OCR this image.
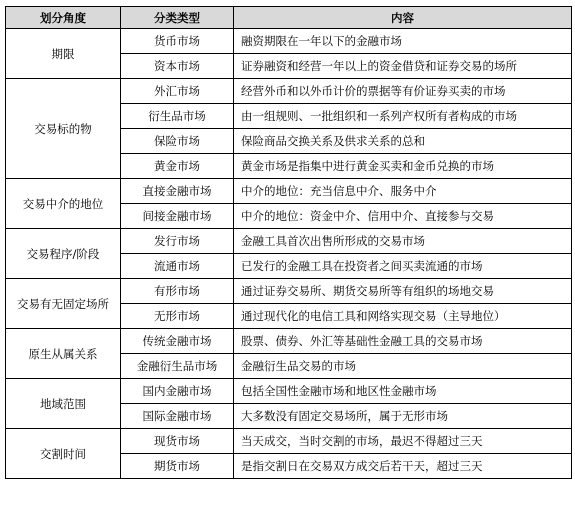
划分角度	分类类型	内容
期限	货币市场	融资期限在一年以下的金融市场
	资本市场	证券融资和经营一年以上的资金借贷和证券交易的场所
交易标的物	外汇市场	经营外币和以外币计价的票据等有价证券买卖的市场
	衍生品市场	由一组规则、一批组织和一系列产权所有者构成的市场
	保险市场	保险商品交换关系及供求关系的总和
	黄金市场	黄金市场是指集中进行黄金买卖和金币兑换的市场
交易中介的地位	直接金融市场	中介的地位：充当信息中介、服务中介
	间接金融市场	中介的地位：资金中介、信用中介、直接参与交易
交易程序/阶段	发行市场	金融工具首次出售所形成的交易市场
	流通市场	已发行的金融工具在投资者之间买卖流通的市场
交易有无固定场所	有形市场	通过证券交易所、期货交易所等有组织的场地交易
	无形市场	通过现代化的电信工具和网络实现交易（主导地位）
原生从属关系	传统金融市场	股票、债券、外汇等基础性金融工具的交易市场
	金融衍生品市场	金融衍生品交易的市场
地域范围	国内金融市场	包括全国性金融市场和地区性金融市场
	国际金融市场	大多数没有固定交易场所，属于无形市场
交割时间	现货市场	当天成交，当时交割的市场，最迟不得超过三天
	期货市场	是指交割日在交易双方成交后若干天，超过三天
